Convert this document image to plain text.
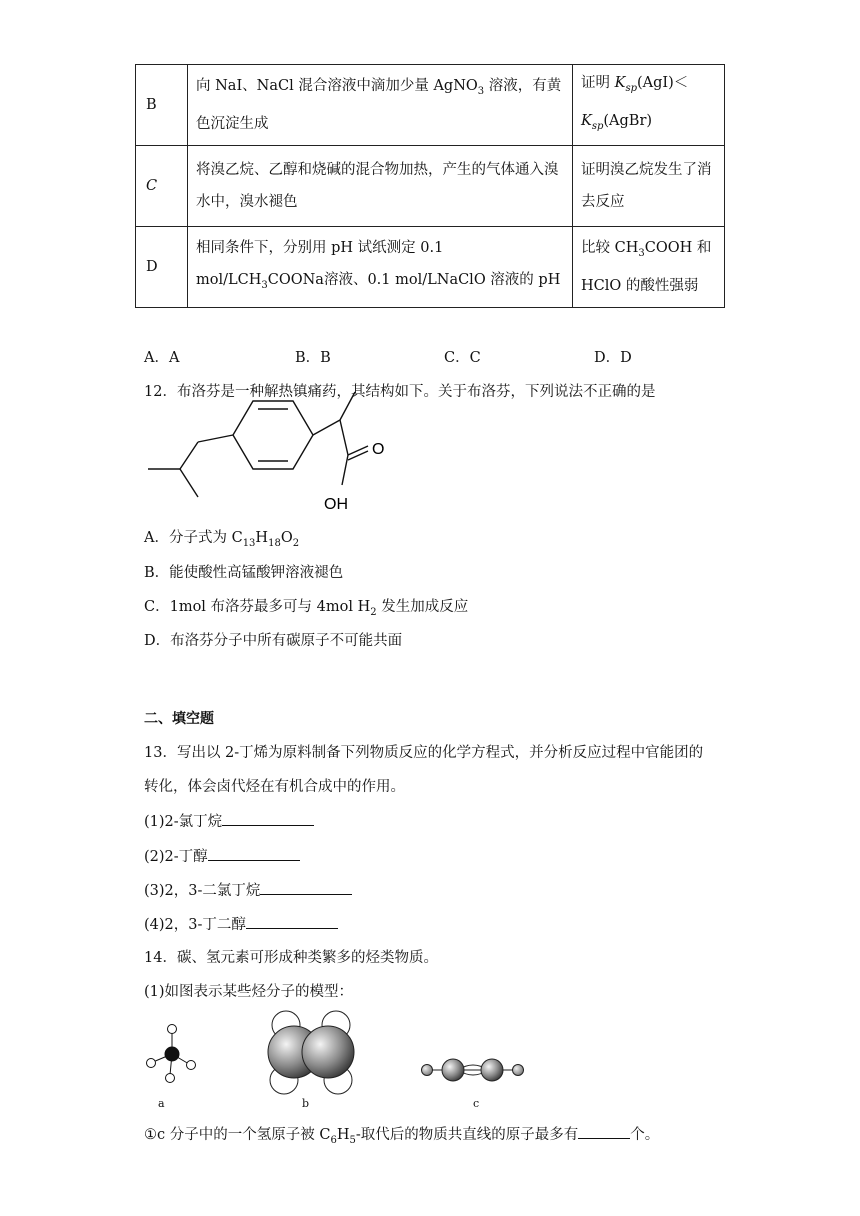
B	向 NaI、NaCl 混合溶液中滴加少量 AgNO$_3$ 溶液，有黄色沉淀生成	证明 $K_{sp}(AgI)<$
$K_{sp}(AgBr)$
C	将溴乙烷、乙醇和烧碱的混合物加热，产生的气体通入溴水中，溴水褪色	证明溴乙烷发生了消去反应
D	相同条件下，分别用 pH 试纸测定 0.1 mol/$LCH_3COONa$溶液、0.1 mol/LNaClO 溶液的 pH	比较 $CH_3COOH$ 和 HClO 的酸性强弱
A．A	B．B	C．C	D．D
12．布洛芬是一种解热镇痛药，其结构如下。关于布洛芬，下列说法不正确的是
O
OH
A．分子式为 $C_{13}H_{18}O_2$
B．能使酸性高锰酸钾溶液褪色
C．1mol 布洛芬最多可与 4mol $H_2$ 发生加成反应
D．布洛芬分子中所有碳原子不可能共面
二、填空题
13．写出以 2-丁烯为原料制备下列物质反应的化学方程式，并分析反应过程中官能团的
转化，体会卤代烃在有机合成中的作用。
(1)2-氯丁烷
(2)2-丁醇
(3)2，3-二氯丁烷
(4)2，3-丁二醇
14．碳、氢元素可形成种类繁多的烃类物质。
(1)如图表示某些烃分子的模型：
a	b	c
①c 分子中的一个氢原子被 $C_6H_5-$取代后的物质共直线的原子最多有	个。
